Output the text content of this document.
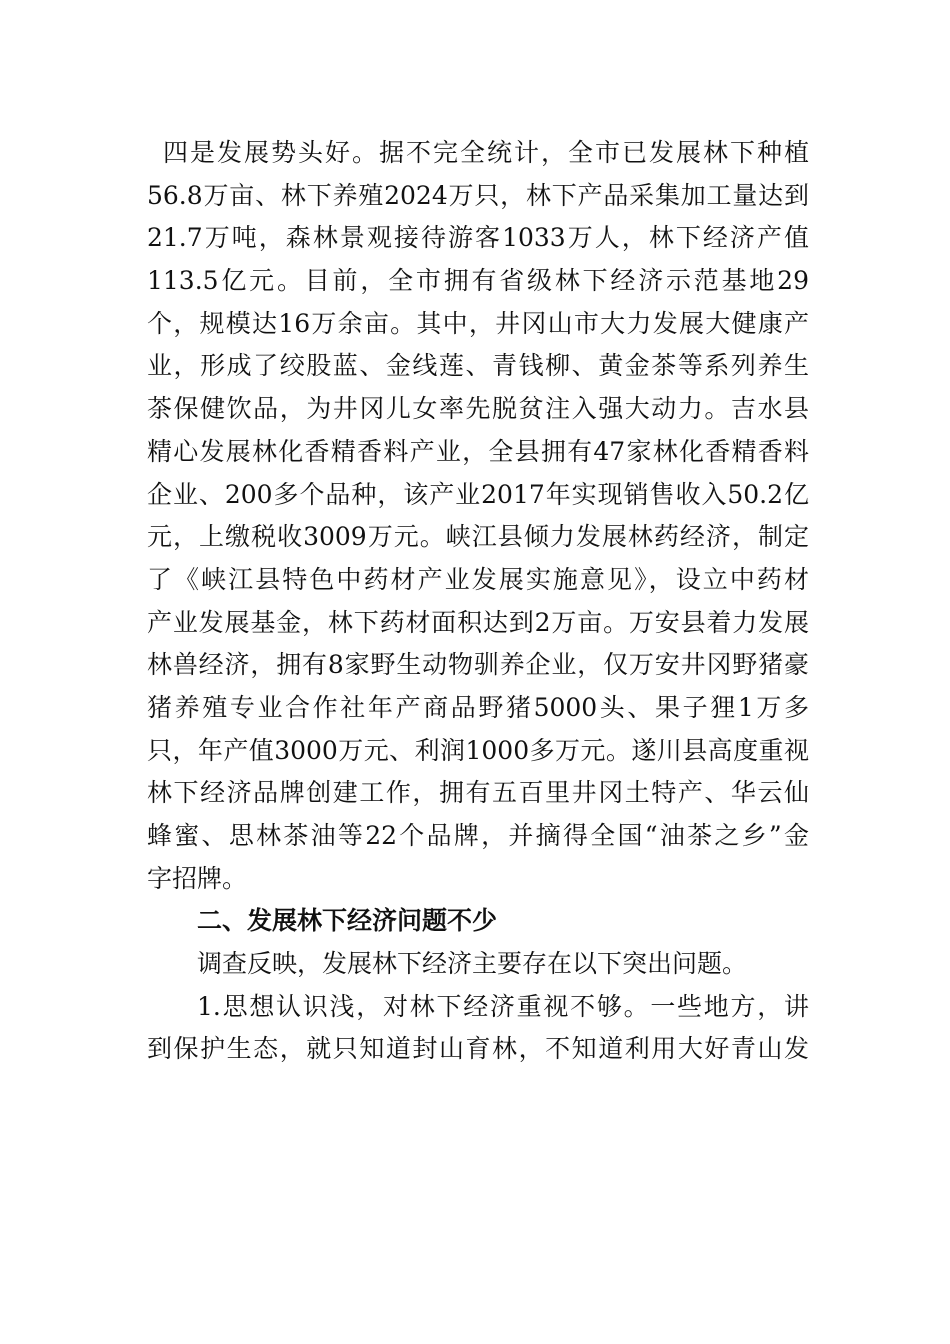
四是发展势头好。据不完全统计，全市已发展林下种植
56.8万亩、林下养殖2024万只，林下产品采集加工量达到
21.7万吨，森林景观接待游客1033万人，林下经济产值
113.5亿元。目前，全市拥有省级林下经济示范基地29
个，规模达16万余亩。其中，井冈山市大力发展大健康产
业，形成了绞股蓝、金线莲、青钱柳、黄金茶等系列养生
茶保健饮品，为井冈儿女率先脱贫注入强大动力。吉水县
精心发展林化香精香料产业，全县拥有47家林化香精香料
企业、200多个品种，该产业2017年实现销售收入50.2亿
元，上缴税收3009万元。峡江县倾力发展林药经济，制定
了《峡江县特色中药材产业发展实施意见》，设立中药材
产业发展基金，林下药材面积达到2万亩。万安县着力发展
林兽经济，拥有8家野生动物驯养企业，仅万安井冈野猪豪
猪养殖专业合作社年产商品野猪5000头、果子狸1万多
只，年产值3000万元、利润1000多万元。遂川县高度重视
林下经济品牌创建工作，拥有五百里井冈土特产、华云仙
蜂蜜、思林茶油等22个品牌，并摘得全国“油茶之乡”金
字招牌。
二、发展林下经济问题不少
调查反映，发展林下经济主要存在以下突出问题。
1.思想认识浅，对林下经济重视不够。一些地方，讲
到保护生态，就只知道封山育林，不知道利用大好青山发
